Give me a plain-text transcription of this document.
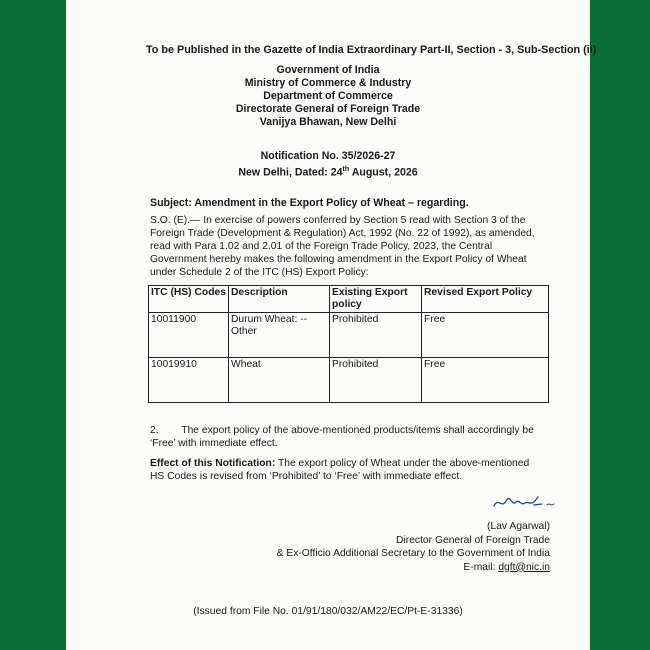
To be Published in the Gazette of India Extraordinary Part-II, Section - 3, Sub-Section (ii)
Government of India
Ministry of Commerce & Industry
Department of Commerce
Directorate General of Foreign Trade
Vanijya Bhawan, New Delhi
Notification No. 35/2026-27
New Delhi, Dated: 24th August, 2026
Subject: Amendment in the Export Policy of Wheat – regarding.
S.O. (E).— In exercise of powers conferred by Section 5 read with Section 3 of the
Foreign Trade (Development & Regulation) Act, 1992 (No. 22 of 1992), as amended,
read with Para 1.02 and 2.01 of the Foreign Trade Policy, 2023, the Central
Government hereby makes the following amendment in the Export Policy of Wheat
under Schedule 2 of the ITC (HS) Export Policy:
ITC (HS) Codes	Description	Existing Export policy	Revised Export Policy
10011900	Durum Wheat: -- Other	Prohibited	Free
10019910	Wheat	Prohibited	Free
2.        The export policy of the above-mentioned products/items shall accordingly be
‘Free’ with immediate effect.
Effect of this Notification: The export policy of Wheat under the above-mentioned
HS Codes is revised from ‘Prohibited’ to ‘Free’ with immediate effect.
(Lav Agarwal)
Director General of Foreign Trade
& Ex-Officio Additional Secretary to the Government of India
E-mail: dgft@nic.in
(Issued from File No. 01/91/180/032/AM22/EC/Pt-E-31336)
